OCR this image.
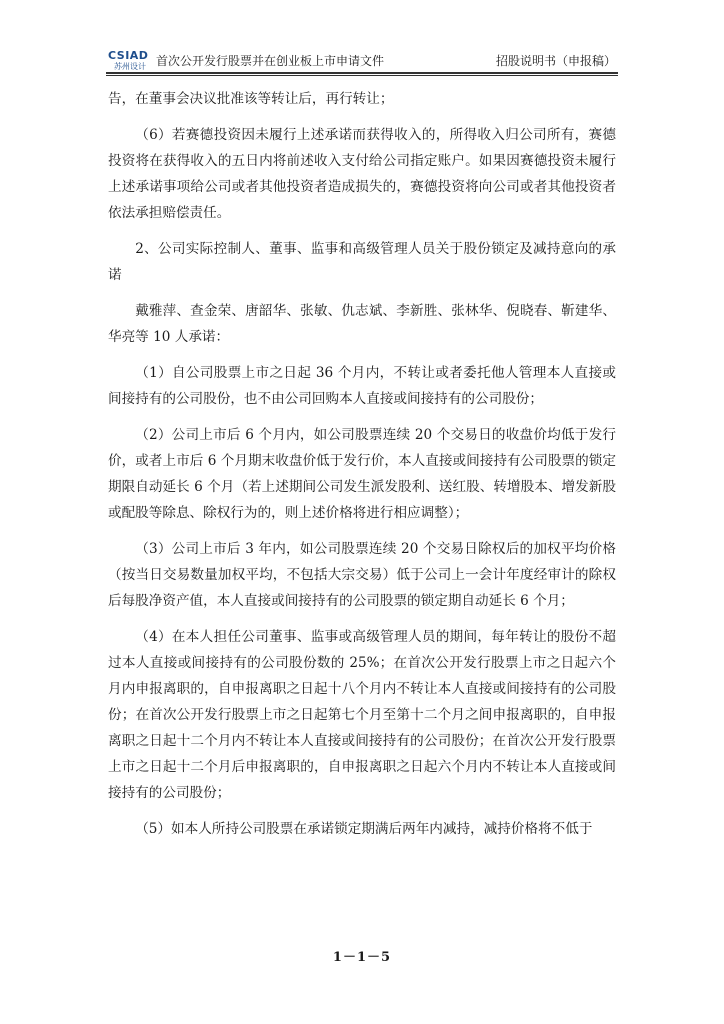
CSIAD
苏州设计 首次公开发行股票并在创业板上市申请文件	招股说明书（申报稿）

告，在董事会决议批准该等转让后，再行转让；

（6）若赛德投资因未履行上述承诺而获得收入的，所得收入归公司所有，赛德投资将在获得收入的五日内将前述收入支付给公司指定账户。如果因赛德投资未履行上述承诺事项给公司或者其他投资者造成损失的，赛德投资将向公司或者其他投资者依法承担赔偿责任。

2、公司实际控制人、董事、监事和高级管理人员关于股份锁定及减持意向的承诺

戴雅萍、查金荣、唐韶华、张敏、仇志斌、李新胜、张林华、倪晓春、靳建华、华亮等 10 人承诺：

（1）自公司股票上市之日起 36 个月内，不转让或者委托他人管理本人直接或间接持有的公司股份，也不由公司回购本人直接或间接持有的公司股份；

（2）公司上市后 6 个月内，如公司股票连续 20 个交易日的收盘价均低于发行价，或者上市后 6 个月期末收盘价低于发行价，本人直接或间接持有公司股票的锁定期限自动延长 6 个月（若上述期间公司发生派发股利、送红股、转增股本、增发新股或配股等除息、除权行为的，则上述价格将进行相应调整）；

（3）公司上市后 3 年内，如公司股票连续 20 个交易日除权后的加权平均价格（按当日交易数量加权平均，不包括大宗交易）低于公司上一会计年度经审计的除权后每股净资产值，本人直接或间接持有的公司股票的锁定期自动延长 6 个月；

（4）在本人担任公司董事、监事或高级管理人员的期间，每年转让的股份不超过本人直接或间接持有的公司股份数的 25%；在首次公开发行股票上市之日起六个月内申报离职的，自申报离职之日起十八个月内不转让本人直接或间接持有的公司股份；在首次公开发行股票上市之日起第七个月至第十二个月之间申报离职的，自申报离职之日起十二个月内不转让本人直接或间接持有的公司股份；在首次公开发行股票上市之日起十二个月后申报离职的，自申报离职之日起六个月内不转让本人直接或间接持有的公司股份；

（5）如本人所持公司股票在承诺锁定期满后两年内减持，减持价格将不低于

1－1－5
